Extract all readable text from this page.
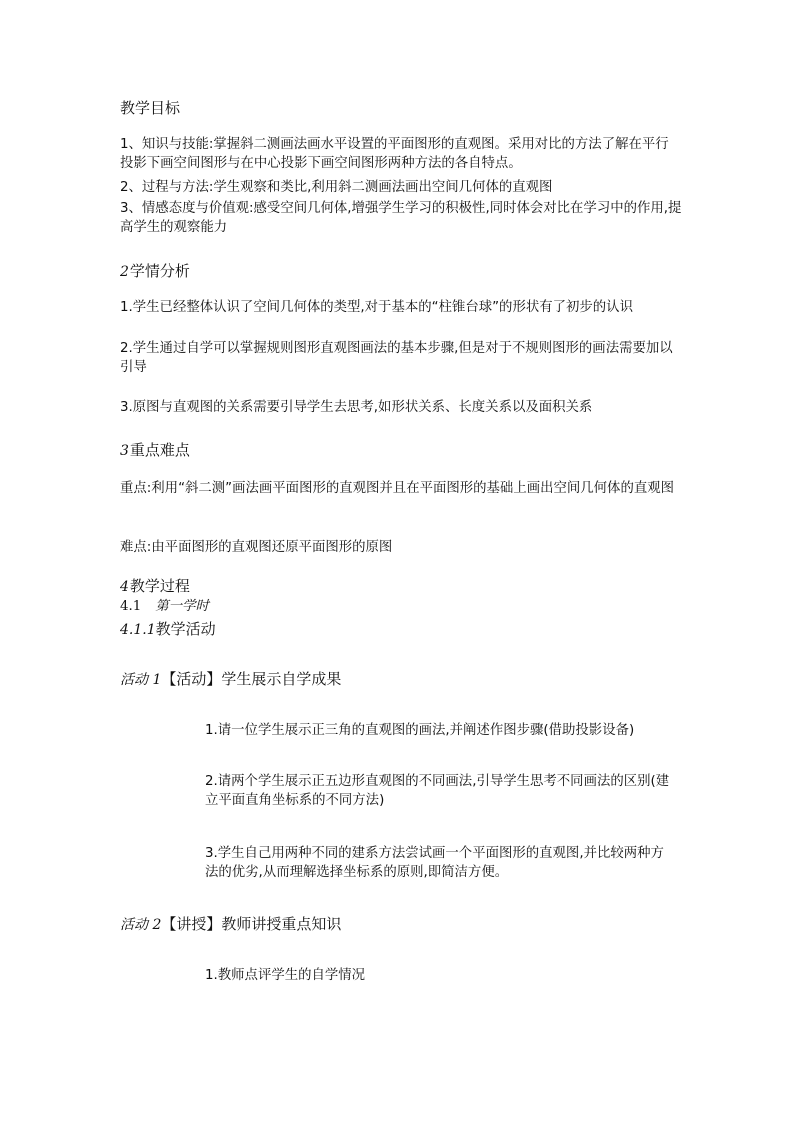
教学目标

1、知识与技能:掌握斜二测画法画水平设置的平面图形的直观图。采用对比的方法了解在平行投影下画空间图形与在中心投影下画空间图形两种方法的各自特点。

2、过程与方法:学生观察和类比,利用斜二测画法画出空间几何体的直观图

3、情感态度与价值观:感受空间几何体,增强学生学习的积极性,同时体会对比在学习中的作用,提高学生的观察能力

2学情分析

1.学生已经整体认识了空间几何体的类型,对于基本的“柱锥台球”的形状有了初步的认识

2.学生通过自学可以掌握规则图形直观图画法的基本步骤,但是对于不规则图形的画法需要加以引导

3.原图与直观图的关系需要引导学生去思考,如形状关系、长度关系以及面积关系

3重点难点

重点:利用“斜二测”画法画平面图形的直观图并且在平面图形的基础上画出空间几何体的直观图

难点:由平面图形的直观图还原平面图形的原图

4教学过程

4.1 第一学时

4.1.1教学活动

活动 1【活动】学生展示自学成果

1.请一位学生展示正三角的直观图的画法,并阐述作图步骤(借助投影设备)

2.请两个学生展示正五边形直观图的不同画法,引导学生思考不同画法的区别(建立平面直角坐标系的不同方法)

3.学生自己用两种不同的建系方法尝试画一个平面图形的直观图,并比较两种方法的优劣,从而理解选择坐标系的原则,即简洁方便。

活动 2【讲授】教师讲授重点知识

1.教师点评学生的自学情况
